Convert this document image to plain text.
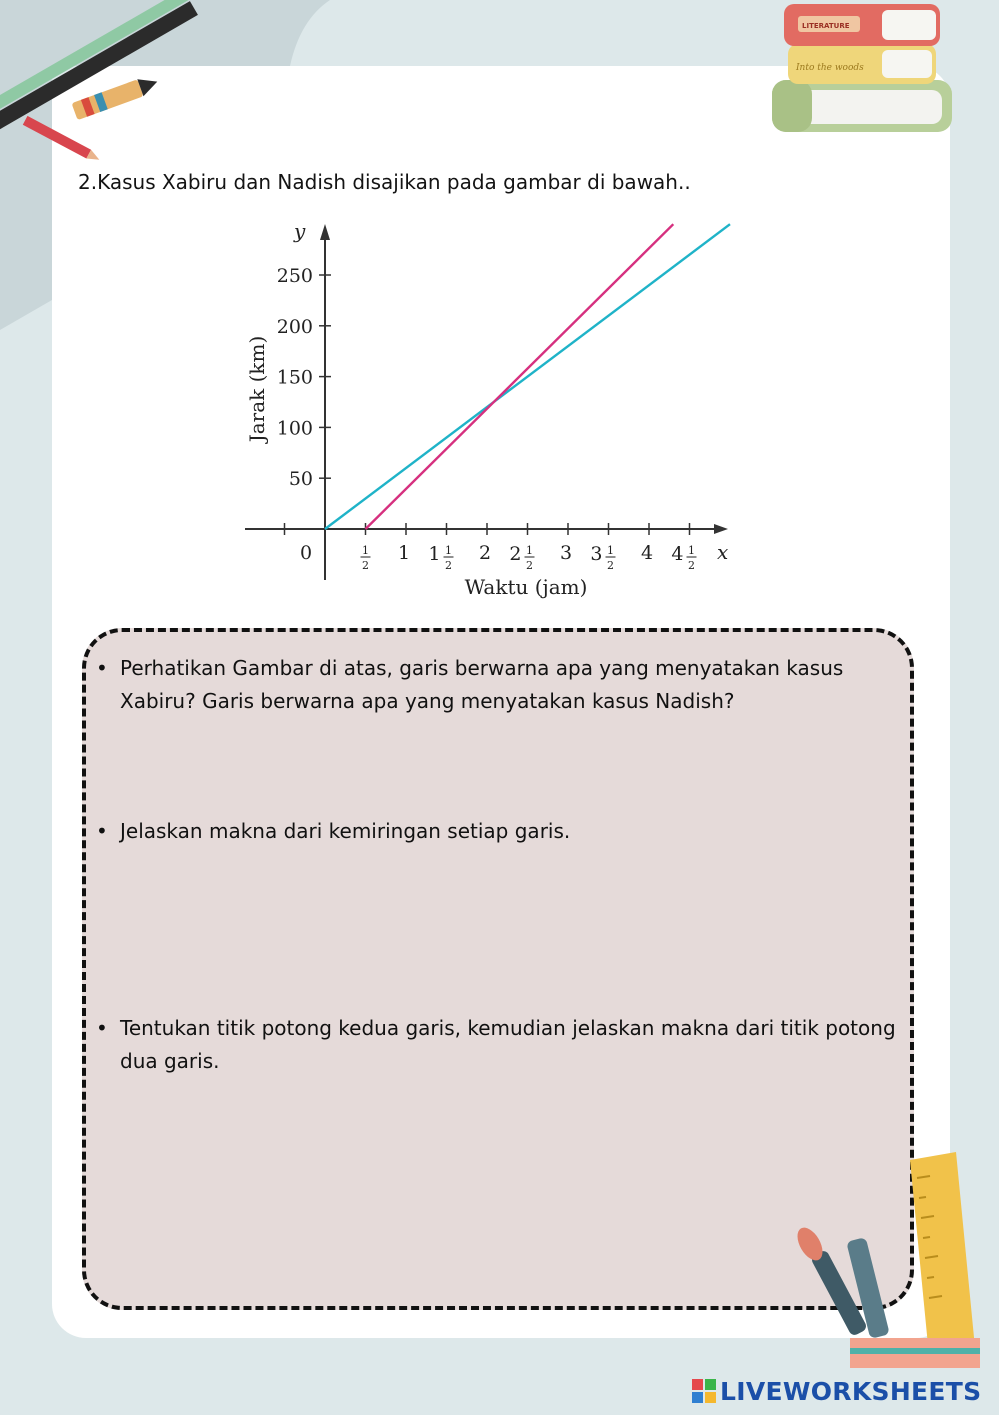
Into the woods
LITERATURE
2.Kasus Xabiru dan Nadish disajikan pada gambar di bawah..
1
2
1 1 1
2
2 2 1
2
3 3 1
2
4 4 1
2
50
100
150
200
250
Waktu (jam)
Jarak (km)
x
y
0
• Perhatikan Gambar di atas, garis berwarna apa yang menyatakan kasus Xabiru? Garis berwarna apa yang menyatakan kasus Nadish?
• Jelaskan makna dari kemiringan setiap garis.
• Tentukan titik potong kedua garis, kemudian jelaskan makna dari titik potong dua garis.
LIVEWORKSHEETS
